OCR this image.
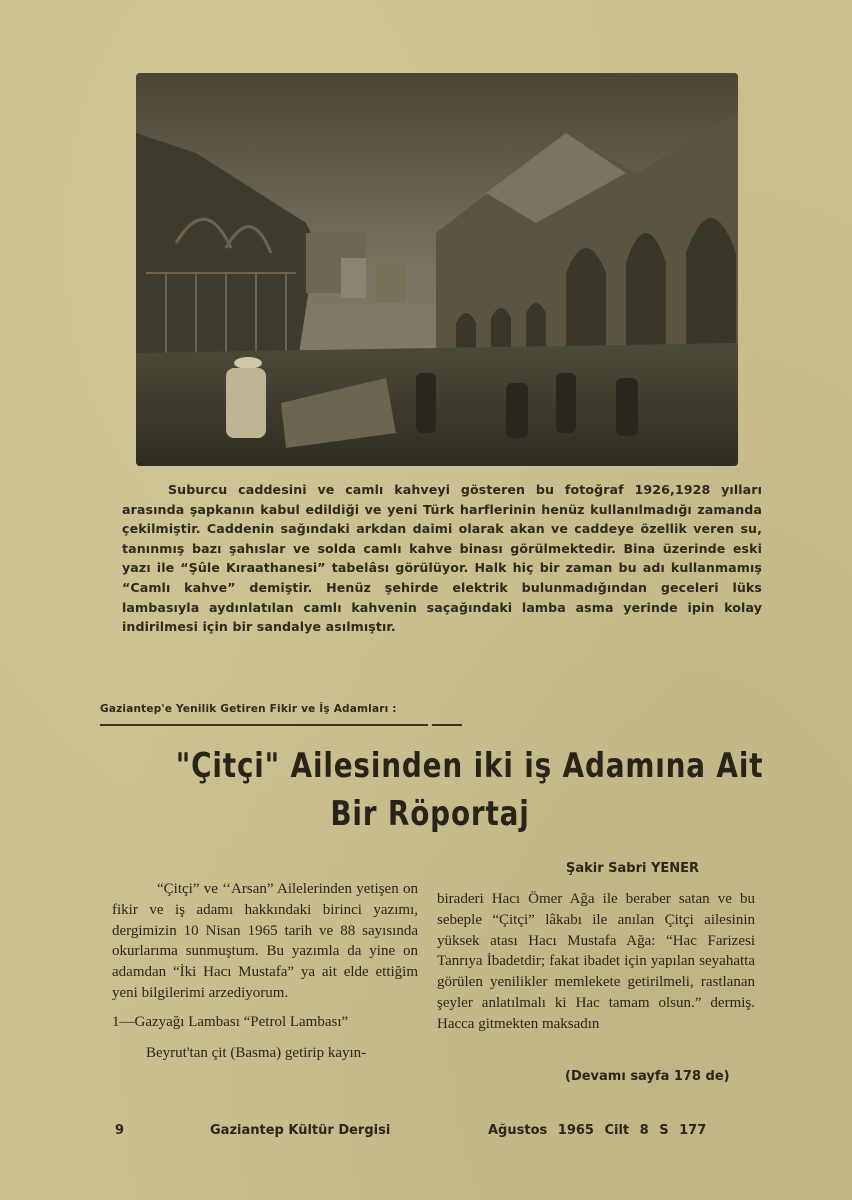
Suburcu caddesini ve camlı kahveyi gösteren bu fotoğraf 1926,1928 yılları arasında şapkanın kabul edildiği ve yeni Türk harflerinin henüz kullanılmadığı zamanda çekilmiştir. Caddenin sağındaki arkdan daimi olarak akan ve caddeye özellik veren su, tanınmış bazı şahıslar ve solda camlı kahve binası görülmektedir. Bina üzerinde eski yazı ile “Şûle Kıraathanesi” tabelâsı görülüyor. Halk hiç bir zaman bu adı kullanmamış “Camlı kahve” demiştir. Henüz şehirde elektrik bulunmadığından geceleri lüks lambasıyla aydınlatılan camlı kahvenin saçağındaki lamba asma yerinde ipin kolay indirilmesi için bir sandalye asılmıştır.

Gaziantep'e Yenilik Getiren Fikir ve İş Adamları :
"Çitçi" Ailesinden iki iş Adamına Ait
Bir Röportaj
Şakir Sabri YENER

“Çitçi” ve ‘‘Arsan” Ailelerinden yetişen on fikir ve iş adamı hakkındaki birinci yazımı, dergimizin 10 Nisan 1965 tarih ve 88 sayısında okurlarıma sunmuştum. Bu yazımla da yine on adamdan “İki Hacı Mustafa” ya ait elde ettiğim yeni bilgilerimi arzediyorum.

1—Gazyağı Lambası “Petrol Lambası”

Beyrut'tan çit (Basma) getirip kayın-

biraderi Hacı Ömer Ağa ile beraber satan ve bu sebeple “Çitçi” lâkabı ile anılan Çitçi ailesinin yüksek atası Hacı Mustafa Ağa: “Hac Farizesi Tanrıya İbadetdir; fakat ibadet için yapılan seyahatta görülen yenilikler memlekete getirilmeli, rastlanan şeyler anlatılmalı ki Hac tamam olsun.” dermiş. Hacca gitmekten maksadın

(Devamı sayfa 178 de)
9	Gaziantep Kültür Dergisi	Ağustos 1965 Cilt 8 S 177
